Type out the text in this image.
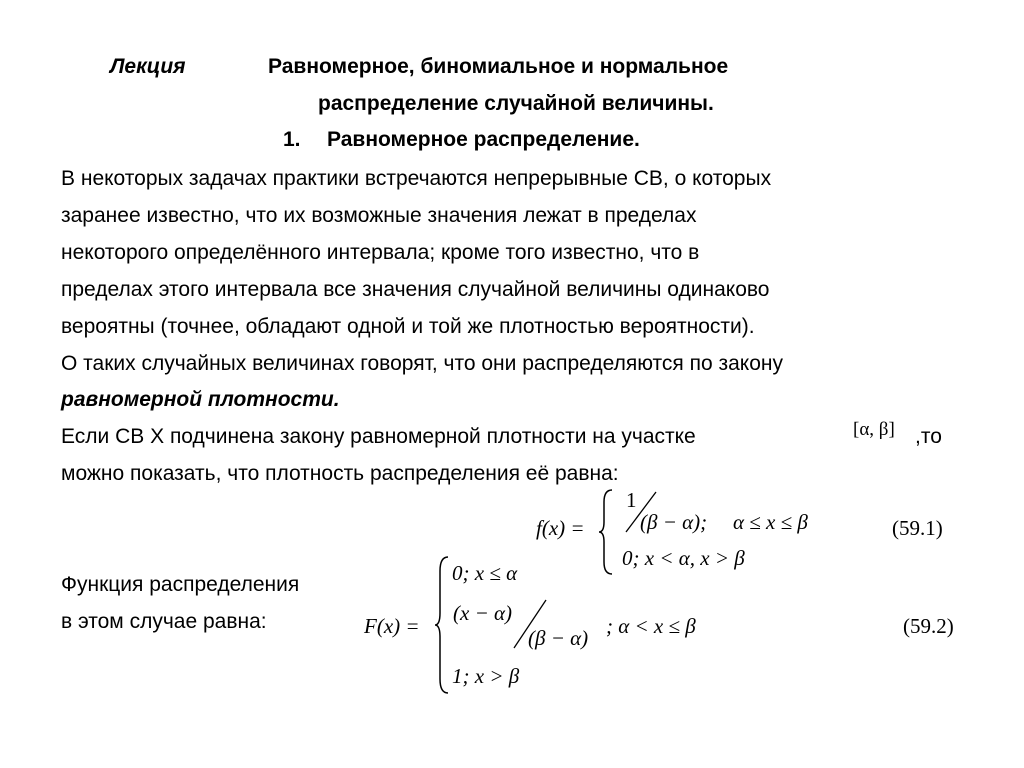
Лекция	Равномерное, биномиальное и нормальное
распределение случайной величины.
1. Равномерное распределение.
В некоторых задачах практики встречаются непрерывные СВ, о которых
заранее известно, что их возможные значения лежат в пределах
некоторого определённого интервала; кроме того известно, что в
пределах этого интервала все значения случайной величины одинаково
вероятны (точнее, обладают одной и той же плотностью вероятности).
О таких случайных величинах говорят, что они распределяются по закону
равномерной плотности.
Если СВ X подчинена закону равномерной плотности на участке	[α, β] ,то
можно показать, что плотность распределения её равна:
f(x) =
1
(β − α); α ≤ x ≤ β
0; x < α, x > β
(59.1)
Функция распределения
в этом случае равна:	F(x) =
0; x ≤ α
(x − α)
(β − α) ; α < x ≤ β
1; x > β
(59.2)
